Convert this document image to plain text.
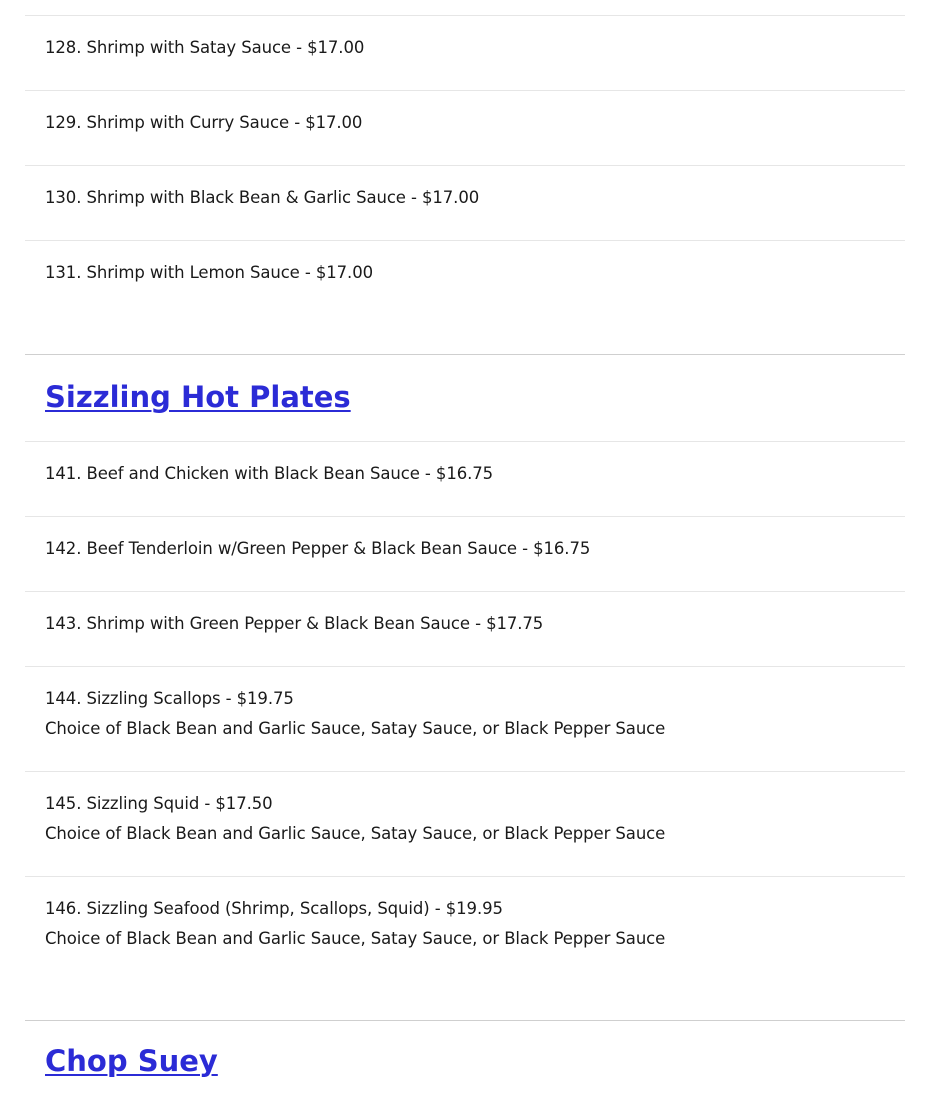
128. Shrimp with Satay Sauce - $17.00
129. Shrimp with Curry Sauce - $17.00
130. Shrimp with Black Bean & Garlic Sauce - $17.00
131. Shrimp with Lemon Sauce - $17.00
Sizzling Hot Plates
141. Beef and Chicken with Black Bean Sauce - $16.75
142. Beef Tenderloin w/Green Pepper & Black Bean Sauce - $16.75
143. Shrimp with Green Pepper & Black Bean Sauce - $17.75
144. Sizzling Scallops - $19.75
Choice of Black Bean and Garlic Sauce, Satay Sauce, or Black Pepper Sauce
145. Sizzling Squid - $17.50
Choice of Black Bean and Garlic Sauce, Satay Sauce, or Black Pepper Sauce
146. Sizzling Seafood (Shrimp, Scallops, Squid) - $19.95
Choice of Black Bean and Garlic Sauce, Satay Sauce, or Black Pepper Sauce
Chop Suey
